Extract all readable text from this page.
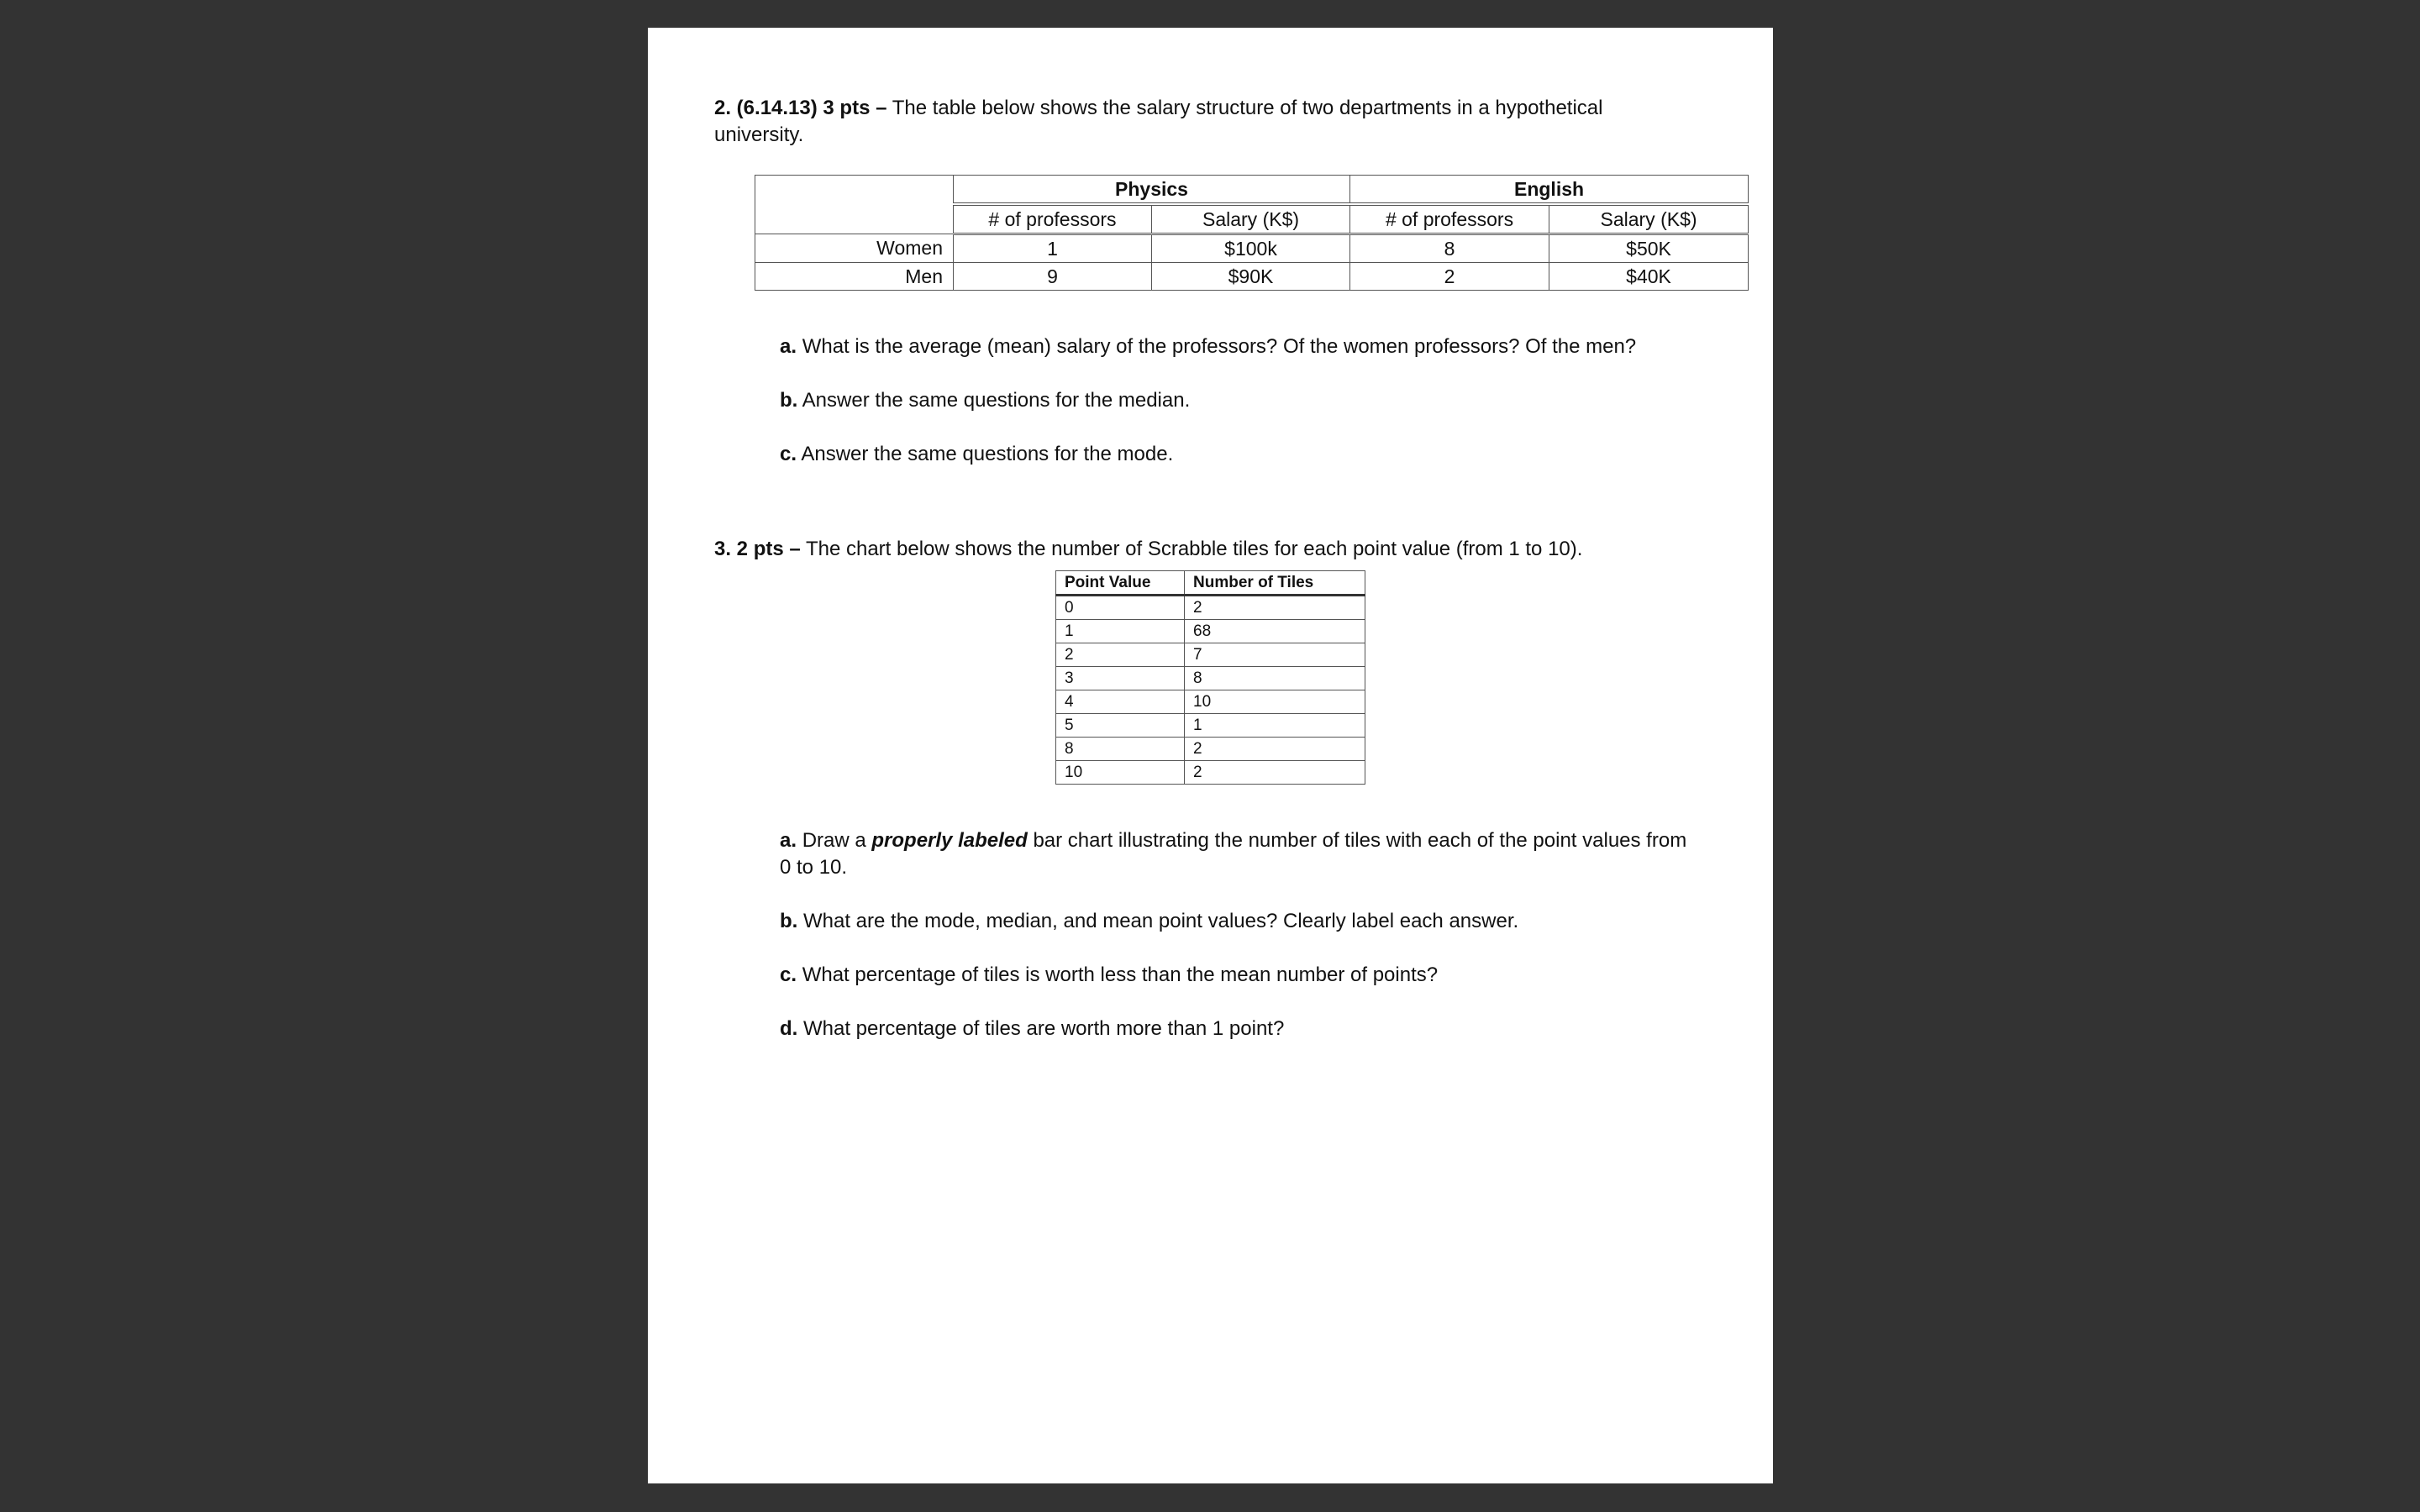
2. (6.14.13) 3 pts – The table below shows the salary structure of two departments in a hypothetical

university.

	Physics		English	
	# of professors	Salary (K$)	# of professors	Salary (K$)
Women	1	$100k	8	$50K
Men	9	$90K	2	$40K

a. What is the average (mean) salary of the professors? Of the women professors? Of the men?

b. Answer the same questions for the median.

c. Answer the same questions for the mode.

3. 2 pts – The chart below shows the number of Scrabble tiles for each point value (from 1 to 10).

Point Value	Number of Tiles
0	2
1	68
2	7
3	8
4	10
5	1
8	2
10	2

a. Draw a properly labeled bar chart illustrating the number of tiles with each of the point values from

0 to 10.

b. What are the mode, median, and mean point values? Clearly label each answer.

c. What percentage of tiles is worth less than the mean number of points?

d. What percentage of tiles are worth more than 1 point?
